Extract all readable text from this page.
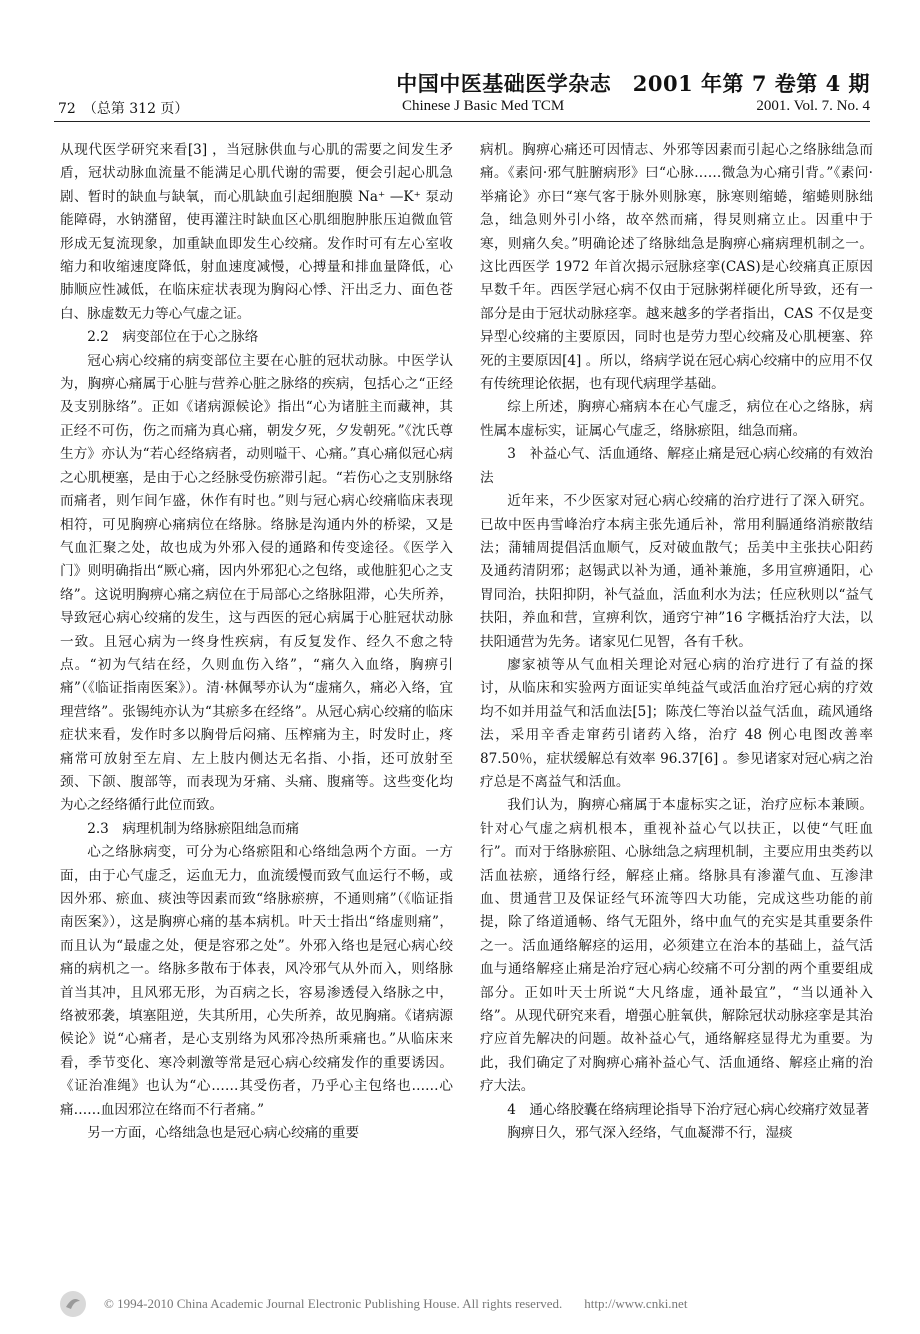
中国中医基础医学杂志　2001 年第 7 卷第 4 期
72　（总第 312 页）	Chinese J Basic Med TCM	2001. Vol. 7. No. 4

从现代医学研究来看[3] ，当冠脉供血与心肌的需要之间发生矛盾，冠状动脉血流量不能满足心肌代谢的需要，便会引起心肌急剧、暂时的缺血与缺氧，而心肌缺血引起细胞膜 Na⁺ —K⁺ 泵动能障碍，水钠潴留，使再灌注时缺血区心肌细胞肿胀压迫微血管形成无复流现象，加重缺血即发生心绞痛。发作时可有左心室收缩力和收缩速度降低，射血速度减慢，心搏量和排血量降低，心肺顺应性减低，在临床症状表现为胸闷心悸、汗出乏力、面色苍白、脉虚数无力等心气虚之证。

2.2　病变部位在于心之脉络

冠心病心绞痛的病变部位主要在心脏的冠状动脉。中医学认为，胸痹心痛属于心脏与营养心脏之脉络的疾病，包括心之“正经及支别脉络”。正如《诸病源候论》指出“心为诸脏主而藏神，其正经不可伤，伤之而痛为真心痛，朝发夕死，夕发朝死。”《沈氏尊生方》亦认为“若心经络病者，动则嗌干、心痛。”真心痛似冠心病之心肌梗塞，是由于心之经脉受伤瘀滞引起。“若伤心之支别脉络而痛者，则乍间乍盛，休作有时也。”则与冠心病心绞痛临床表现相符，可见胸痹心痛病位在络脉。络脉是沟通内外的桥梁，又是气血汇聚之处，故也成为外邪入侵的通路和传变途径。《医学入门》则明确指出“厥心痛，因内外邪犯心之包络，或他脏犯心之支络”。这说明胸痹心痛之病位在于局部心之络脉阻滞，心失所养，导致冠心病心绞痛的发生，这与西医的冠心病属于心脏冠状动脉一致。且冠心病为一终身性疾病，有反复发作、经久不愈之特点。“初为气结在经，久则血伤入络”，“痛久入血络，胸痹引痛”（《临证指南医案》）。清·林佩琴亦认为“虚痛久，痛必入络，宜理营络”。张锡纯亦认为“其瘀多在经络”。从冠心病心绞痛的临床症状来看，发作时多以胸骨后闷痛、压榨痛为主，时发时止，疼痛常可放射至左肩、左上肢内侧达无名指、小指，还可放射至颈、下颌、腹部等，而表现为牙痛、头痛、腹痛等。这些变化均为心之经络循行此位而致。

2.3　病理机制为络脉瘀阻绌急而痛

心之络脉病变，可分为心络瘀阻和心络绌急两个方面。一方面，由于心气虚乏，运血无力，血流缓慢而致气血运行不畅，或因外邪、瘀血、痰浊等因素而致“络脉瘀痹，不通则痛”（《临证指南医案》），这是胸痹心痛的基本病机。叶天士指出“络虚则痛”，而且认为“最虚之处，便是容邪之处”。外邪入络也是冠心病心绞痛的病机之一。络脉多散布于体表，风冷邪气从外而入，则络脉首当其冲，且风邪无形，为百病之长，容易渗透侵入络脉之中，络被邪袭，填塞阻逆，失其所用，心失所养，故见胸痛。《诸病源候论》说“心痛者，是心支别络为风邪冷热所乘痛也。”从临床来看，季节变化、寒冷刺激等常是冠心病心绞痛发作的重要诱因。《证治准绳》也认为“心……其受伤者，乃乎心主包络也……心痛……血因邪泣在络而不行者痛。”

另一方面，心络绌急也是冠心病心绞痛的重要

病机。胸痹心痛还可因情志、外邪等因素而引起心之络脉绌急而痛。《素问·邪气脏腑病形》曰“心脉……微急为心痛引背。”《素问·举痛论》亦曰“寒气客于脉外则脉寒，脉寒则缩蜷，缩蜷则脉绌急，绌急则外引小络，故卒然而痛，得炅则痛立止。因重中于寒，则痛久矣。”明确论述了络脉绌急是胸痹心痛病理机制之一。这比西医学 1972 年首次揭示冠脉痉挛(CAS)是心绞痛真正原因早数千年。西医学冠心病不仅由于冠脉粥样硬化所导致，还有一部分是由于冠状动脉痉挛。越来越多的学者指出，CAS 不仅是变异型心绞痛的主要原因，同时也是劳力型心绞痛及心肌梗塞、猝死的主要原因[4] 。所以，络病学说在冠心病心绞痛中的应用不仅有传统理论依据，也有现代病理学基础。

综上所述，胸痹心痛病本在心气虚乏，病位在心之络脉，病性属本虚标实，证属心气虚乏，络脉瘀阻，绌急而痛。

3　补益心气、活血通络、解痉止痛是冠心病心绞痛的有效治法

近年来，不少医家对冠心病心绞痛的治疗进行了深入研究。已故中医冉雪峰治疗本病主张先通后补，常用利膈通络消瘀散结法；蒲辅周提倡活血顺气，反对破血散气；岳美中主张扶心阳药及通药清阴邪；赵锡武以补为通，通补兼施，多用宣痹通阳，心胃同治，扶阳抑阴，补气益血，活血利水为法；任应秋则以“益气扶阳，养血和营，宣痹利饮，通窍宁神”16 字概括治疗大法，以扶阳通营为先务。诸家见仁见智，各有千秋。

廖家祯等从气血相关理论对冠心病的治疗进行了有益的探讨，从临床和实验两方面证实单纯益气或活血治疗冠心病的疗效均不如并用益气和活血法[5]；陈茂仁等治以益气活血，疏风通络法，采用辛香走窜药引诸药入络，治疗 48 例心电图改善率 87.50％，症状缓解总有效率 96.37[6] 。参见诸家对冠心病之治疗总是不离益气和活血。

我们认为，胸痹心痛属于本虚标实之证，治疗应标本兼顾。针对心气虚之病机根本，重视补益心气以扶正，以使“气旺血行”。而对于络脉瘀阻、心脉绌急之病理机制，主要应用虫类药以活血祛瘀，通络行经，解痉止痛。络脉具有渗灌气血、互渗津血、贯通营卫及保证经气环流等四大功能，完成这些功能的前提，除了络道通畅、络气无阻外，络中血气的充实是其重要条件之一。活血通络解痉的运用，必须建立在治本的基础上，益气活血与通络解痉止痛是治疗冠心病心绞痛不可分割的两个重要组成部分。正如叶天士所说“大凡络虚，通补最宜”，“当以通补入络”。从现代研究来看，增强心脏氧供，解除冠状动脉痉挛是其治疗应首先解决的问题。故补益心气，通络解痉显得尤为重要。为此，我们确定了对胸痹心痛补益心气、活血通络、解痉止痛的治疗大法。

4　通心络胶囊在络病理论指导下治疗冠心病心绞痛疗效显著

胸痹日久，邪气深入经络，气血凝滞不行，湿痰

© 1994-2010 China Academic Journal Electronic Publishing House. All rights reserved. http://www.cnki.net
